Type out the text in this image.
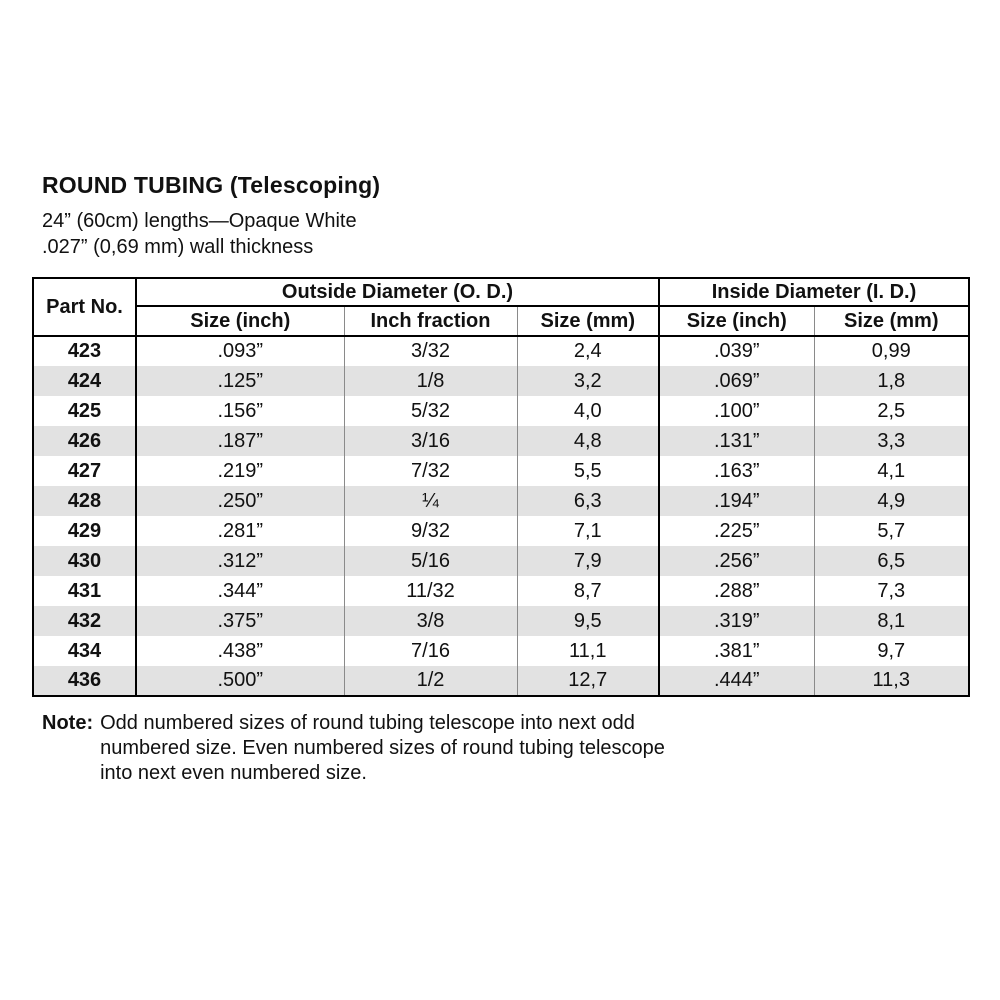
ROUND TUBING (Telescoping)

24” (60cm) lengths—Opaque White

.027” (0,69 mm) wall thickness

Part No.	Outside Diameter (O. D.)			Inside Diameter (I. D.)	
	Size (inch)	Inch fraction	Size (mm)	Size (inch)	Size (mm)
423	.093”	3/32	2,4	.039”	0,99
424	.125”	1/8	3,2	.069”	1,8
425	.156”	5/32	4,0	.100”	2,5
426	.187”	3/16	4,8	.131”	3,3
427	.219”	7/32	5,5	.163”	4,1
428	.250”	¼	6,3	.194”	4,9
429	.281”	9/32	7,1	.225”	5,7
430	.312”	5/16	7,9	.256”	6,5
431	.344”	11/32	8,7	.288”	7,3
432	.375”	3/8	9,5	.319”	8,1
434	.438”	7/16	11,1	.381”	9,7
436	.500”	1/2	12,7	.444”	11,3
Note: Odd numbered sizes of round tubing telescope into next odd numbered size. Even numbered sizes of round tubing telescope into next even numbered size.
